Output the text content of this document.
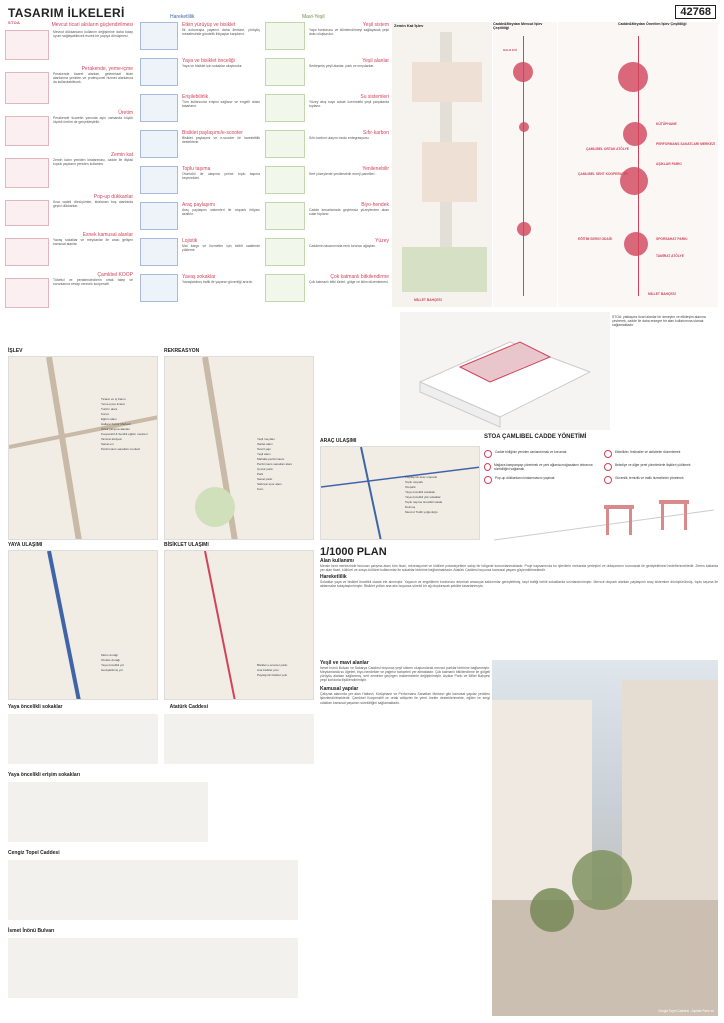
TASARIM İLKELERİ
STOA
42768
Mevcut ticari aksların güçlendirilmesi
Mevcut dükkanların kullanım değişimine daha kolay uyum sağlayabilecek esnek bir yapıya dönüşmesi.
Perakende, yeme-içme
Perakende ticaret alanları, geleneksel ticari alanlarına yeniden ve profesyonel hizmet alanlarına da kullanılabilecek.
Üretim
Perakende ticaretin yanında aynı zamanda küçük ölçekli üretim de gerçekleştirilir.
Zemin kat
Zemin katın yeniden kiralanması, cadde ile ilişkisi kopuk yapıların yeniden kullanımı.
Pop-up dükkanlar
Kısa vadeli dönüşümler, kiralanan boş alanlarda geçici dükkanlar.
Esnek kamusal alanlar
Yavaş sokaklar ve meydanlar ile arası gelişen kamusal alanlar.
Çamlıbel KOOP
Tüketici ve perakendecilerin ortak talep ve sorunlarına cevap verecek kooperatif.
Hareketlilik
Etkin yürüyüş ve bisiklet
İlk dokunuşta yayanın daha ilerisine, yürüyüş mesafesinde gündelik ihtiyaçlar karşılanır.
Yaya ve bisiklet önceliği
Yaya ve bisiklet için sokaklar oluşturulur.
Erişilebilirlik
Tüm kullanıcılar erişimi sağlanır ve engelli dostu tasarlanır.
Bisiklet paylaşımı/e-scooter
Bisiklet paylaşımı ve e-scooter ile hareketlilik desteklenir.
Toplu taşıma
Otomobil ile ulaşıma yerine toplu taşıma seçenekleri.
Araç paylaşımı
Araç paylaşımı sistemleri ile otopark ihtiyacı azaltılır.
Lojistik
Mal kargo ve hizmetler için belirli saatlerde yükleme.
Yavaş sokaklar
Yavaşlatılmış trafik ile yayanın güvenliği artırılır.
Mavi-Yeşil
Yeşil sistem
Yaya konforunu ve iklimlendirmeyi sağlayacak yeşil doku oluşturulur.
Yeşil alanlar
Sertleşmiş yeşil alanlar, park ve meydanlar.
Su sistemleri
Yüzey akış suyu sokak üzerindeki yeşil parçalarda toplanır.
Sıfır-karbon
Sıfır-karbon ulaşım modu entegrasyonu.
Yenilenebilir
Sert yüzeylerde yenilenebilir enerji panelleri.
Biyo-hendek
Cadde kenarlarında geçirimsiz yüzeylerden akan sular toplanır.
Yüzey
Caddenin tasarımında renk turuncu ağaçları.
Çok katmanlı bitkilendirme
Çok katmanlı bitki türleri, gölge ve iklim düzenlemesi.
Zemin Kat İşlev
MİLLET BAHÇESİ
Cadde&Meydan Mevcut İşlev Çeşitliliği
HALK EVİ
Cadde&Meydan Önerilen İşlev Çeşitliliği
KÜTÜPHANE
ÇAMLIBEL ORTAK ATÖLYE
PERFORMANS SANATLARI MERKEZİ
AŞIKLAR PARKI
ÇAMLIBEL SENT KOOPERATİFİ
EĞİTİM SERGİ ODAĞI	SPORSAHAT PARKI
TAMİRAT ATÖLYE
MİLLET BAHÇESİ
STOA: yaklaşımı ticari alanlar bir deneyim ve etkileşim alanına çevirerek, cadde ile daha entegre bir alan kullanımına olanak sağlamaktadır.
STOA ÇAMLIBEL CADDE YÖNETİMİ
Cadde birliğinin yeniden canlandırmak ve korumak
Mağaza kampanyayı yönetmek ve yeni ağlarda mağazaların tekrarına sürekliliğini sağlamak
Pop-up dükkanların kiralanmasını yapmak
Etkinlikler, festivaller ve aktiviteler düzenlemek
Belediye ve diğer yerel yönetimlerle ilişkileri yürütmek
Güvenlik, temizlik ve trafik hizmetlerini yönetmek
İŞLEV
Ticaret ve iş Kamu
Yeme-içme ticaret
Turizm alanı
Konut
Eğitim alanı
Halkevi Kültür Merkezi
Ortak çalışma alanları
Kooperatif & Sentlik eğitim merkezi
Tamirat atölyesi
Sanat evi
Performans sanatları merkezi
REKREASYON
Yeşil meydan
Ibadet alanı
Tescil yapı
Yeşil alanı
Mahalle performansı
Performans sanatları alanı
Çocuk parkı
Park
Sanat parkı
Sahnesi spor alanı
Koru
ARAÇ ULAŞIMI
Paylaşımlı araç otoparkı
Toplu otopark
Otopark
Yaya öncelikli sokaklar
Yaya öncelikli yük sokaklar
Toplu taşıma öncelikli sokak
Dolmuş
Mevcut Trafik yoğunluğu
YAYA ULAŞIMI
Metro durağı
Otobüs durağı
Yaya öncelikli yol
Genişletilmiş yol
BİSİKLET ULAŞIMI
Bisiklet e-scooter parkı
Ana bisiklet yolu
Paylaşımlı bisiklet yolu
1/1000 PLAN
Alan kullanımı
Mersin kent merkezinde bulunan çalışma alanı tüm ticari, rekreasyonel ve kültürel potansiyellere sahip bir bölgede konumlanmaktadır. Proje kapsamında bu işlevlerin mekanda yerleşimi ve dolaşımının korunarak ile genişletilmesi hedeflenmektedir. Zemin katlarda yer alan ticari, kültürel ve sosyo-kültürel kullanımlar ile sokaklar birbirine bağlanmaktadır. Atatürk Caddesi boyunca kamusal yaşam güçlendirilmektedir.
Hareketlilik
Sokaklar yaya ve bisiklet öncelikli olarak ele alınmıştır. Yayanın ve engellilerin konforunu artırmak amacıyla kaldırımlar genişletilmiş, taşıt trafiği belirli sokaklarda sınırlandırılmıştır. Mevcut otopark alanları paylaşımlı araç sistemine dönüştürülmüş, toplu taşıma ile aktarmalar kolaylaştırılmıştır. Bisiklet yolları ana aks boyunca sürekli bir ağ oluşturacak şekilde tasarlanmıştır.
Yaya öncelikli sokaklar	Atatürk Caddesi
Yaya öncelikli erişim sokakları
Cengiz Topel Caddesi
İsmet İnönü Bulvarı
Yeşil ve mavi alanlar
İsmet İnönü Bulvarı ve Sakarya Caddesi boyunca yeşil sistem oluşturularak mevcut parklar birbirine bağlanmıştır. Meydanlarda su öğeleri, biyo-hendekler ve yağmur bahçeleri yer almaktadır. Çok katmanlı bitkilendirme ile gölgeli yürüyüş alanları sağlanmış, sert zeminler geçirgen malzemelerle değiştirilmiştir. Aşıklar Parkı ve Millet Bahçesi yeşil koridorla ilişkilendirilmiştir.
Kamusal yapılar
Çalışma alanında yer alan Halkevi, Kütüphane ve Performans Sanatları Merkezi gibi kamusal yapılar yeniden işlevlendirilmektedir. Çamlıbel Kooperatifi ve ortak atölyeler ile yerel üretim desteklenmekte, eğitim ve sergi odakları kamusal yaşamın sürekliliğini sağlamaktadır.
Cengiz Topel Caddesi - Aşıklar Parkı ve
